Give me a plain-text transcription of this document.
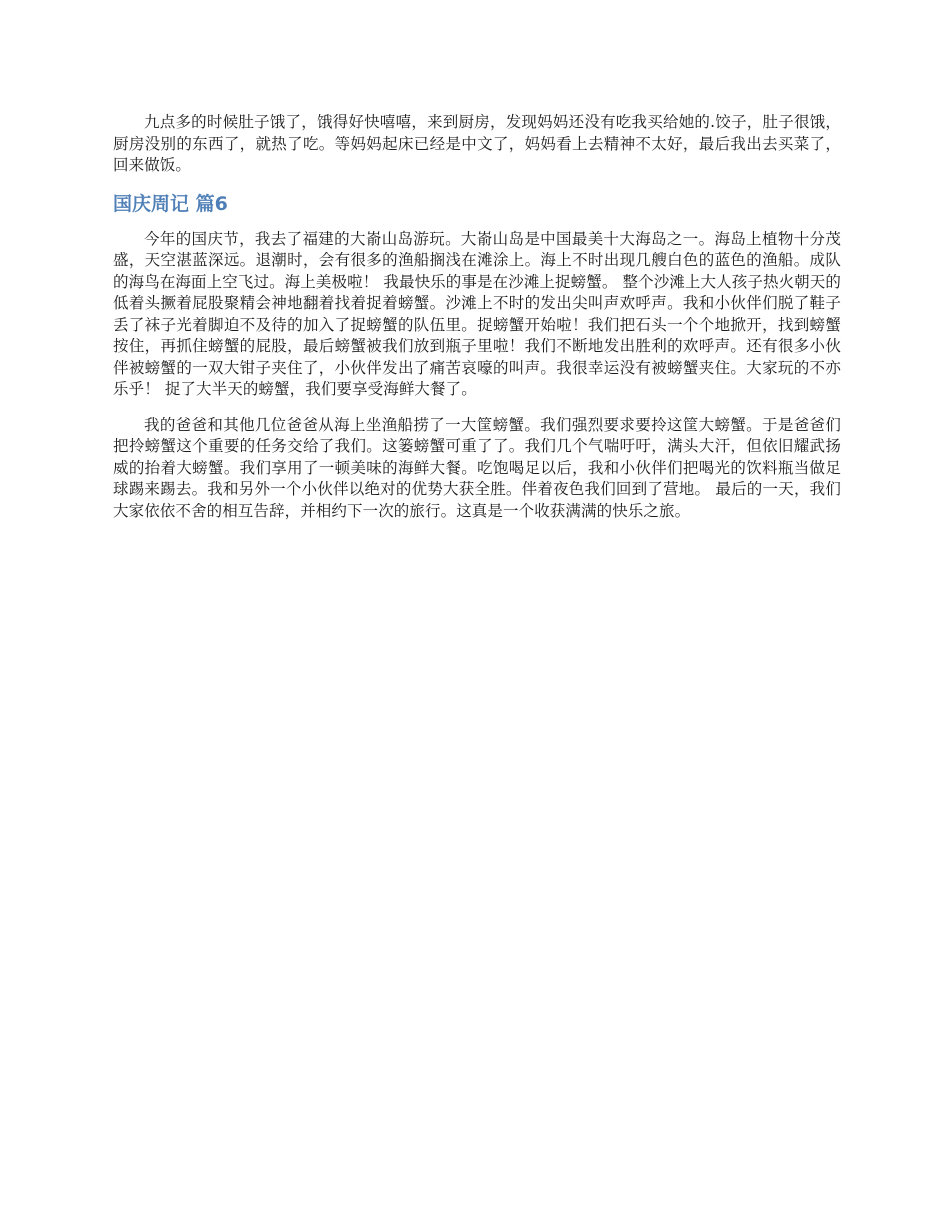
九点多的时候肚子饿了，饿得好快嘻嘻，来到厨房，发现妈妈还没有吃我买给她的.饺子，肚子很饿，厨房没别的东西了，就热了吃。等妈妈起床已经是中文了，妈妈看上去精神不太好，最后我出去买菜了，回来做饭。

国庆周记 篇6

今年的国庆节，我去了福建的大嵛山岛游玩。大嵛山岛是中国最美十大海岛之一。海岛上植物十分茂盛，天空湛蓝深远。退潮时，会有很多的渔船搁浅在滩涂上。海上不时出现几艘白色的蓝色的渔船。成队的海鸟在海面上空飞过。海上美极啦！ 我最快乐的事是在沙滩上捉螃蟹。 整个沙滩上大人孩子热火朝天的低着头撅着屁股聚精会神地翻着找着捉着螃蟹。沙滩上不时的发出尖叫声欢呼声。我和小伙伴们脱了鞋子丢了袜子光着脚迫不及待的加入了捉螃蟹的队伍里。捉螃蟹开始啦！我们把石头一个个地掀开，找到螃蟹按住，再抓住螃蟹的屁股，最后螃蟹被我们放到瓶子里啦！我们不断地发出胜利的欢呼声。还有很多小伙伴被螃蟹的一双大钳子夹住了，小伙伴发出了痛苦哀嚎的叫声。我很幸运没有被螃蟹夹住。大家玩的不亦乐乎！ 捉了大半天的螃蟹，我们要享受海鲜大餐了。

我的爸爸和其他几位爸爸从海上坐渔船捞了一大筐螃蟹。我们强烈要求要拎这筐大螃蟹。于是爸爸们把拎螃蟹这个重要的任务交给了我们。这篓螃蟹可重了了。我们几个气喘吁吁，满头大汗，但依旧耀武扬威的抬着大螃蟹。我们享用了一顿美味的海鲜大餐。吃饱喝足以后，我和小伙伴们把喝光的饮料瓶当做足球踢来踢去。我和另外一个小伙伴以绝对的优势大获全胜。伴着夜色我们回到了营地。 最后的一天，我们大家依依不舍的相互告辞，并相约下一次的旅行。这真是一个收获满满的快乐之旅。
